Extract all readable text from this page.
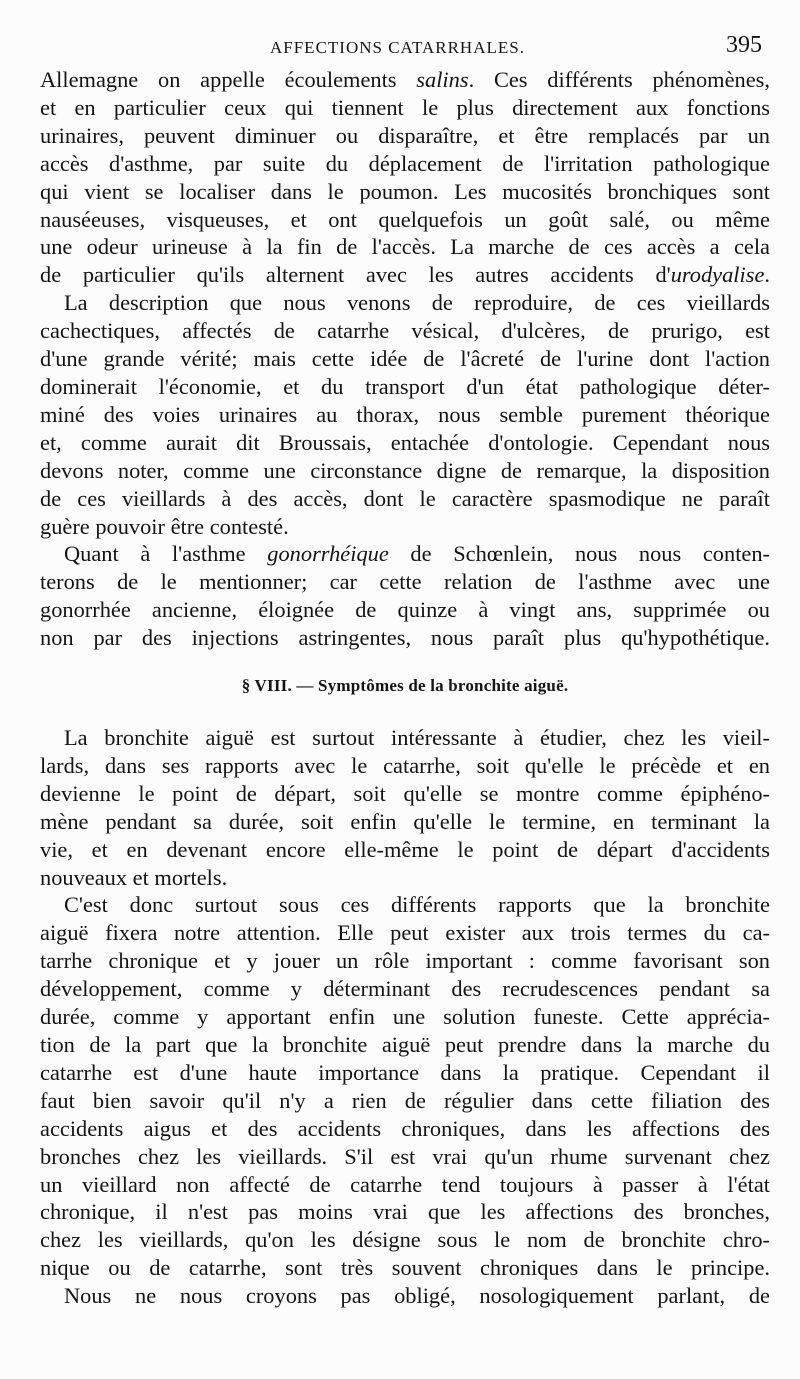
AFFECTIONS CATARRHALES.	395
Allemagne on appelle écoulements salins. Ces différents phénomènes,
et en particulier ceux qui tiennent le plus directement aux fonctions
urinaires, peuvent diminuer ou disparaître, et être remplacés par un
accès d'asthme, par suite du déplacement de l'irritation pathologique
qui vient se localiser dans le poumon. Les mucosités bronchiques sont
nauséeuses, visqueuses, et ont quelquefois un goût salé, ou même
une odeur urineuse à la fin de l'accès. La marche de ces accès a cela
de particulier qu'ils alternent avec les autres accidents d'urodyalise.
La description que nous venons de reproduire, de ces vieillards
cachectiques, affectés de catarrhe vésical, d'ulcères, de prurigo, est
d'une grande vérité; mais cette idée de l'âcreté de l'urine dont l'action
dominerait l'économie, et du transport d'un état pathologique déter-
miné des voies urinaires au thorax, nous semble purement théorique
et, comme aurait dit Broussais, entachée d'ontologie. Cependant nous
devons noter, comme une circonstance digne de remarque, la disposition
de ces vieillards à des accès, dont le caractère spasmodique ne paraît
guère pouvoir être contesté.
Quant à l'asthme gonorrhéique de Schœnlein, nous nous conten-
terons de le mentionner; car cette relation de l'asthme avec une
gonorrhée ancienne, éloignée de quinze à vingt ans, supprimée ou
non par des injections astringentes, nous paraît plus qu'hypothétique.
§ VIII. — Symptômes de la bronchite aiguë.
La bronchite aiguë est surtout intéressante à étudier, chez les vieil-
lards, dans ses rapports avec le catarrhe, soit qu'elle le précède et en
devienne le point de départ, soit qu'elle se montre comme épiphéno-
mène pendant sa durée, soit enfin qu'elle le termine, en terminant la
vie, et en devenant encore elle-même le point de départ d'accidents
nouveaux et mortels.
C'est donc surtout sous ces différents rapports que la bronchite
aiguë fixera notre attention. Elle peut exister aux trois termes du ca-
tarrhe chronique et y jouer un rôle important : comme favorisant son
développement, comme y déterminant des recrudescences pendant sa
durée, comme y apportant enfin une solution funeste. Cette apprécia-
tion de la part que la bronchite aiguë peut prendre dans la marche du
catarrhe est d'une haute importance dans la pratique. Cependant il
faut bien savoir qu'il n'y a rien de régulier dans cette filiation des
accidents aigus et des accidents chroniques, dans les affections des
bronches chez les vieillards. S'il est vrai qu'un rhume survenant chez
un vieillard non affecté de catarrhe tend toujours à passer à l'état
chronique, il n'est pas moins vrai que les affections des bronches,
chez les vieillards, qu'on les désigne sous le nom de bronchite chro-
nique ou de catarrhe, sont très souvent chroniques dans le principe.
Nous ne nous croyons pas obligé, nosologiquement parlant, de
